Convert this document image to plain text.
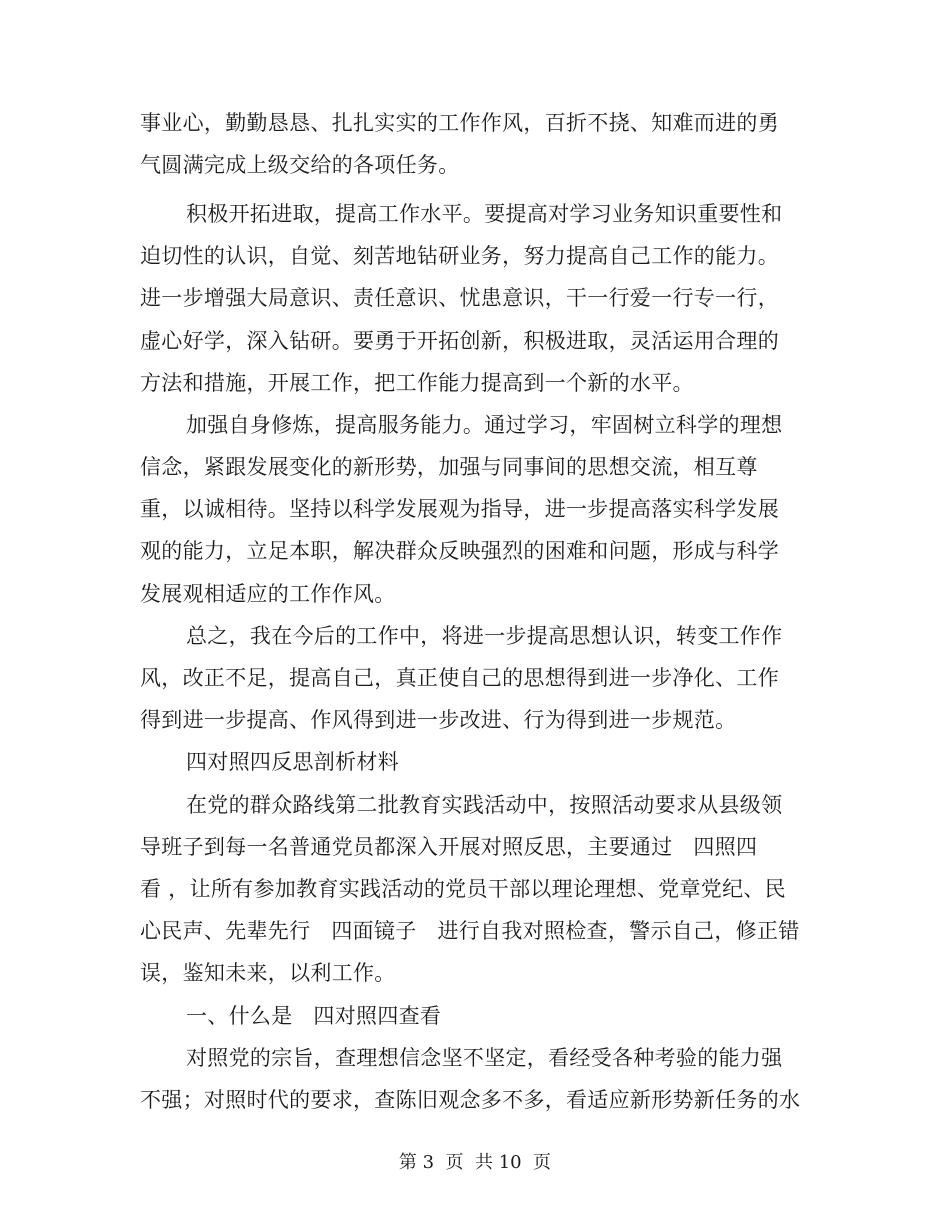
事业心，勤勤恳恳、扎扎实实的工作作风，百折不挠、知难而进的勇
气圆满完成上级交给的各项任务。
积极开拓进取，提高工作水平。要提高对学习业务知识重要性和
迫切性的认识，自觉、刻苦地钻研业务，努力提高自己工作的能力。
进一步增强大局意识、责任意识、忧患意识，干一行爱一行专一行，
虚心好学，深入钻研。要勇于开拓创新，积极进取，灵活运用合理的
方法和措施，开展工作，把工作能力提高到一个新的水平。
加强自身修炼，提高服务能力。通过学习，牢固树立科学的理想
信念，紧跟发展变化的新形势，加强与同事间的思想交流，相互尊
重，以诚相待。坚持以科学发展观为指导，进一步提高落实科学发展
观的能力，立足本职，解决群众反映强烈的困难和问题，形成与科学
发展观相适应的工作作风。
总之，我在今后的工作中，将进一步提高思想认识，转变工作作
风，改正不足，提高自己，真正使自己的思想得到进一步净化、工作
得到进一步提高、作风得到进一步改进、行为得到进一步规范。
四对照四反思剖析材料
在党的群众路线第二批教育实践活动中，按照活动要求从县级领
导班子到每一名普通党员都深入开展对照反思，主要通过   四照四
看 ，让所有参加教育实践活动的党员干部以理论理想、党章党纪、民
心民声、先辈先行   四面镜子   进行自我对照检查，警示自己，修正错
误，鉴知未来，以利工作。
一、什么是   四对照四查看
对照党的宗旨，查理想信念坚不坚定，看经受各种考验的能力强
不强；对照时代的要求，查陈旧观念多不多，看适应新形势新任务的水
第 3  页  共 10  页
